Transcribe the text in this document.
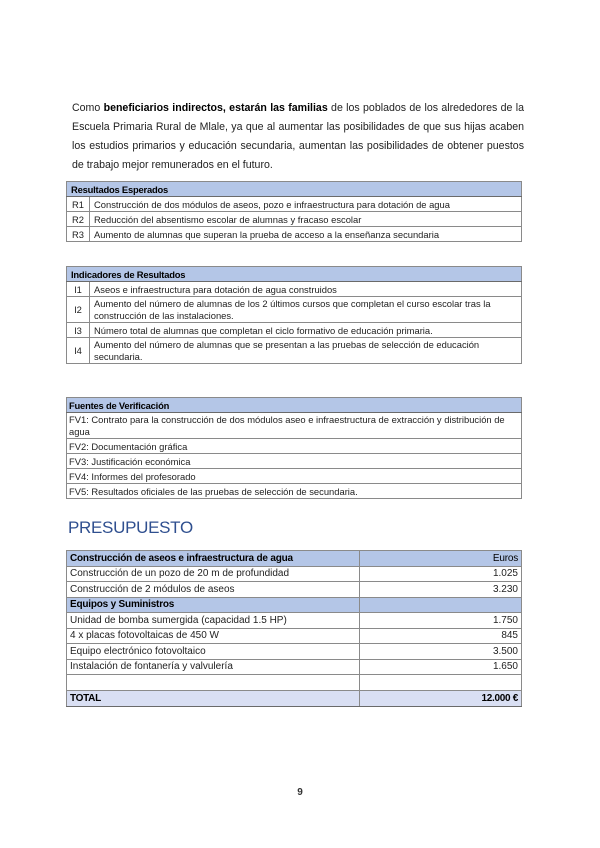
Como beneficiarios indirectos, estarán las familias de los poblados de los alrededores de la Escuela Primaria Rural de Mlale, ya que al aumentar las posibilidades de que sus hijas acaben los estudios primarios y educación secundaria, aumentan las posibilidades de obtener puestos de trabajo mejor remunerados en el futuro.

Resultados Esperados	
R1	Construcción de dos módulos de aseos, pozo e infraestructura para dotación de agua
R2	Reducción del absentismo escolar de alumnas y fracaso escolar
R3	Aumento de alumnas que superan la prueba de acceso a la enseñanza secundaria
Indicadores de Resultados	
I1	Aseos e infraestructura para dotación de agua construidos
I2	Aumento del número de alumnas de los 2 últimos cursos que completan el curso escolar tras la construcción de las instalaciones.
I3	Número total de alumnas que completan el ciclo formativo de educación primaria.
I4	Aumento del número de alumnas que se presentan a las pruebas de selección de educación secundaria.
Fuentes de Verificación
FV1: Contrato para la construcción de dos módulos aseo e infraestructura de extracción y distribución de agua
FV2: Documentación gráfica
FV3: Justificación económica
FV4: Informes del profesorado
FV5: Resultados oficiales de las pruebas de selección de secundaria.
PRESUPUESTO
Construcción de aseos e infraestructura de agua	Euros
Construcción de un pozo de 20 m de profundidad	1.025
Construcción de 2 módulos de aseos	3.230
Equipos y Suministros	
Unidad de bomba sumergida (capacidad 1.5 HP)	1.750
4 x placas fotovoltaicas de 450 W	845
Equipo electrónico fotovoltaico	3.500
Instalación de fontanería y valvulería	1.650

TOTAL	12.000 €
9
